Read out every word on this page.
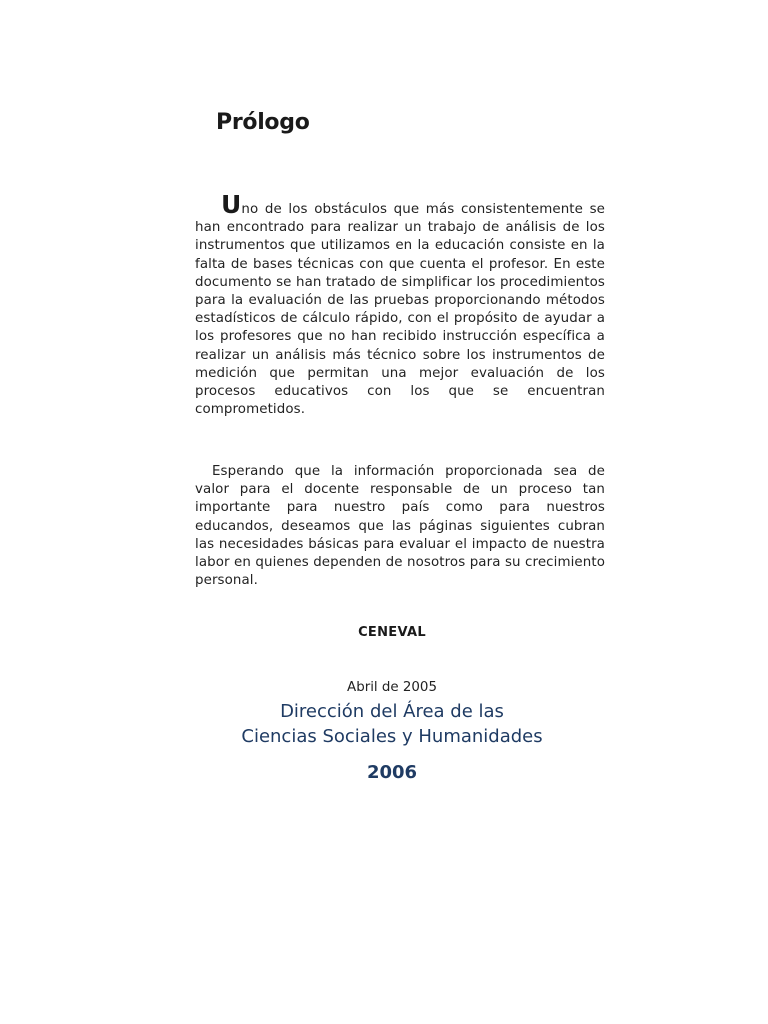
Prólogo

Uno de los obstáculos que más consistentemente se han encontrado para realizar un trabajo de análisis de los instrumentos que utilizamos en la educación consiste en la falta de bases técnicas con que cuenta el profesor. En este documento se han tratado de simplificar los procedimientos para la evaluación de las pruebas proporcionando métodos estadísticos de cálculo rápido, con el propósito de ayudar a los profesores que no han recibido instrucción específica a realizar un análisis más técnico sobre los instrumentos de medición que permitan una mejor evaluación de los procesos educativos con los que se encuentran comprometidos.

Esperando que la información proporcionada sea de valor para el docente responsable de un proceso tan importante para nuestro país como para nuestros educandos, deseamos que las páginas siguientes cubran las necesidades básicas para evaluar el impacto de nuestra labor en quienes dependen de nosotros para su crecimiento personal.

CENEVAL
Abril de 2005
Dirección del Área de las
Ciencias Sociales y Humanidades
2006
